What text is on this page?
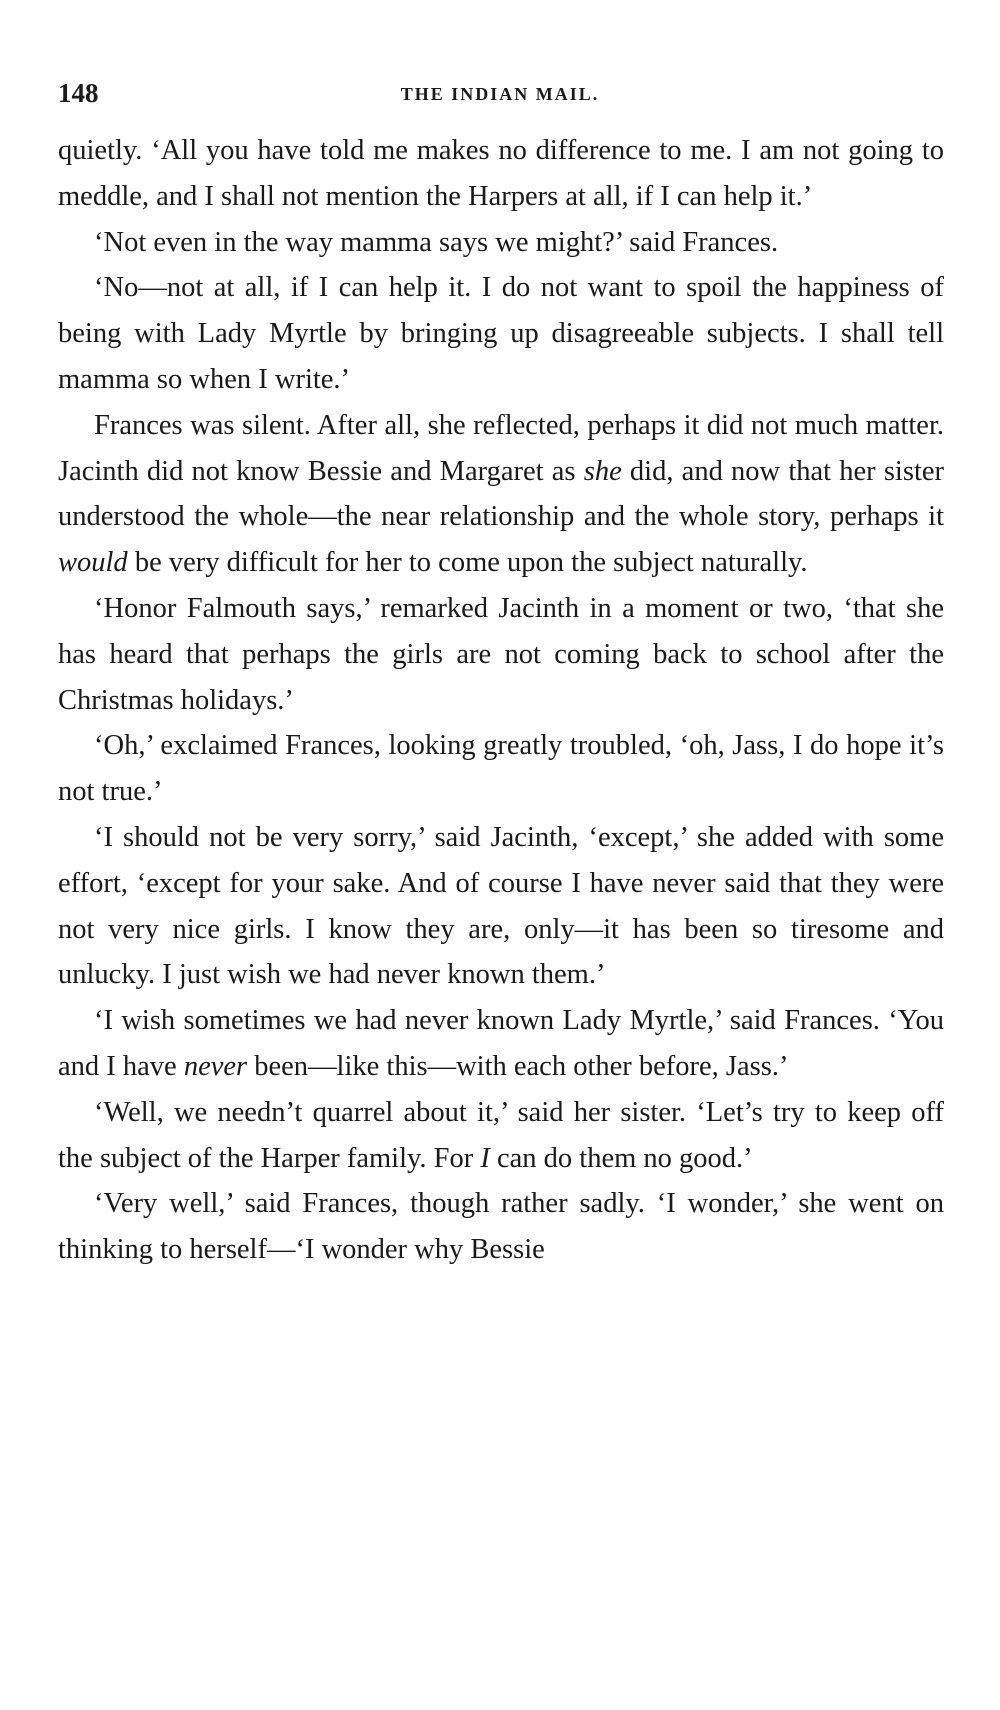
148	THE INDIAN MAIL.

quietly. ‘All you have told me makes no difference to me. I am not going to meddle, and I shall not mention the Harpers at all, if I can help it.’

‘Not even in the way mamma says we might?’ said Frances.

‘No—not at all, if I can help it. I do not want to spoil the happiness of being with Lady Myrtle by bringing up disagreeable subjects. I shall tell mamma so when I write.’

Frances was silent. After all, she reflected, perhaps it did not much matter. Jacinth did not know Bessie and Margaret as she did, and now that her sister understood the whole—the near relationship and the whole story, perhaps it would be very difficult for her to come upon the subject naturally.

‘Honor Falmouth says,’ remarked Jacinth in a moment or two, ‘that she has heard that perhaps the girls are not coming back to school after the Christmas holidays.’

‘Oh,’ exclaimed Frances, looking greatly troubled, ‘oh, Jass, I do hope it’s not true.’

‘I should not be very sorry,’ said Jacinth, ‘except,’ she added with some effort, ‘except for your sake. And of course I have never said that they were not very nice girls. I know they are, only—it has been so tiresome and unlucky. I just wish we had never known them.’

‘I wish sometimes we had never known Lady Myrtle,’ said Frances. ‘You and I have never been—like this—with each other before, Jass.’

‘Well, we needn’t quarrel about it,’ said her sister. ‘Let’s try to keep off the subject of the Harper family. For I can do them no good.’

‘Very well,’ said Frances, though rather sadly. ‘I wonder,’ she went on thinking to herself—‘I wonder why Bessie
